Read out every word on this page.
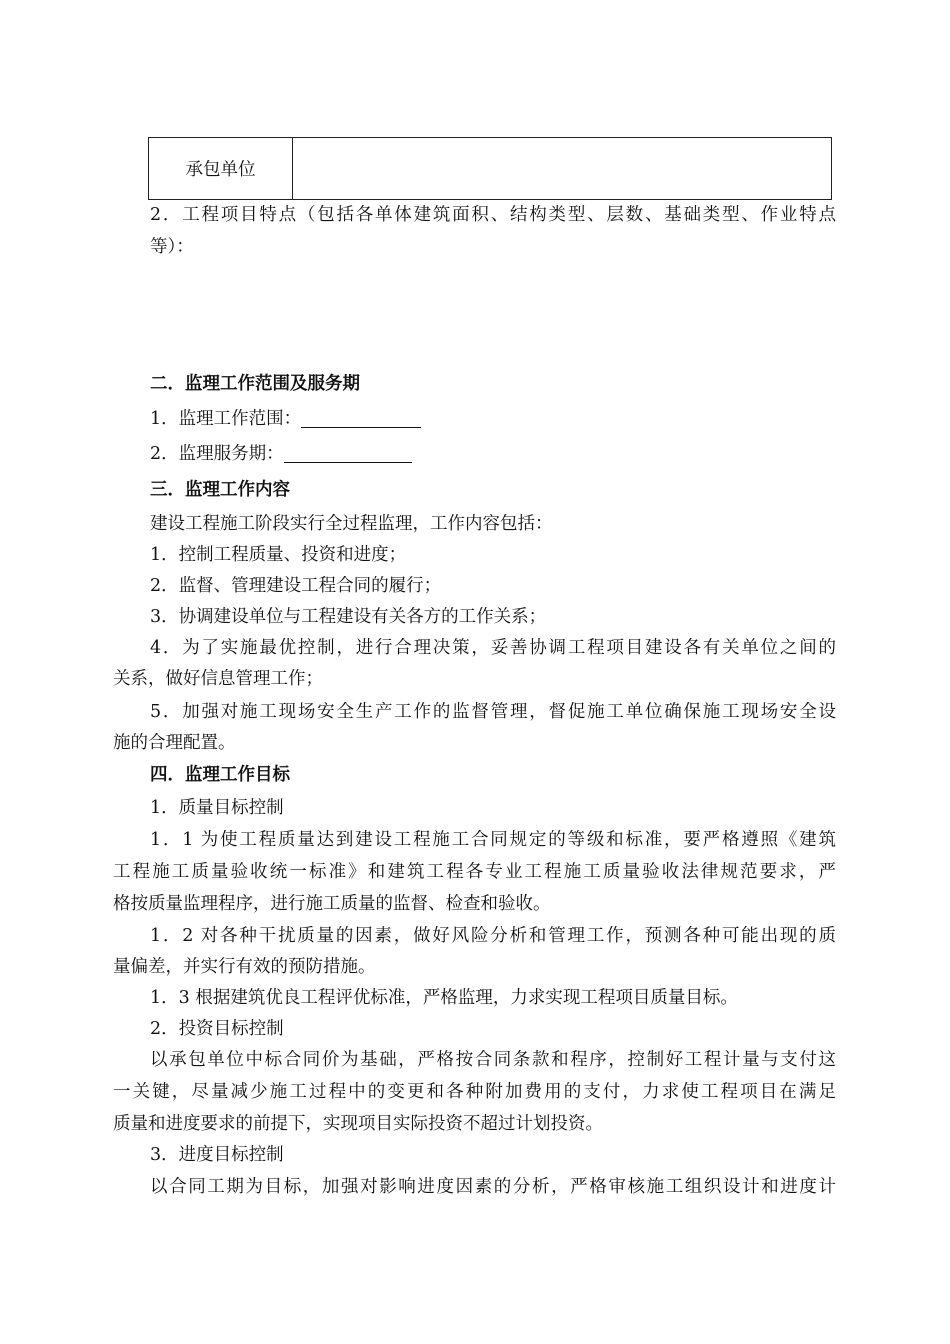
承包单位
2．工程项目特点（包括各单体建筑面积、结构类型、层数、基础类型、作业特点
等）：
二．监理工作范围及服务期
1．监理工作范围：
2．监理服务期：
三．监理工作内容
建设工程施工阶段实行全过程监理，工作内容包括：
1．控制工程质量、投资和进度；
2．监督、管理建设工程合同的履行；
3．协调建设单位与工程建设有关各方的工作关系；
4．为了实施最优控制，进行合理决策，妥善协调工程项目建设各有关单位之间的
关系，做好信息管理工作；
5．加强对施工现场安全生产工作的监督管理，督促施工单位确保施工现场安全设
施的合理配置。
四．监理工作目标
1．质量目标控制
1．1 为使工程质量达到建设工程施工合同规定的等级和标准，要严格遵照《建筑
工程施工质量验收统一标准》和建筑工程各专业工程施工质量验收法律规范要求，严
格按质量监理程序，进行施工质量的监督、检查和验收。
1．2 对各种干扰质量的因素，做好风险分析和管理工作，预测各种可能出现的质
量偏差，并实行有效的预防措施。
1．3 根据建筑优良工程评优标准，严格监理，力求实现工程项目质量目标。
2．投资目标控制
以承包单位中标合同价为基础，严格按合同条款和程序，控制好工程计量与支付这
一关键，尽量减少施工过程中的变更和各种附加费用的支付，力求使工程项目在满足
质量和进度要求的前提下，实现项目实际投资不超过计划投资。
3．进度目标控制
以合同工期为目标，加强对影响进度因素的分析，严格审核施工组织设计和进度计
